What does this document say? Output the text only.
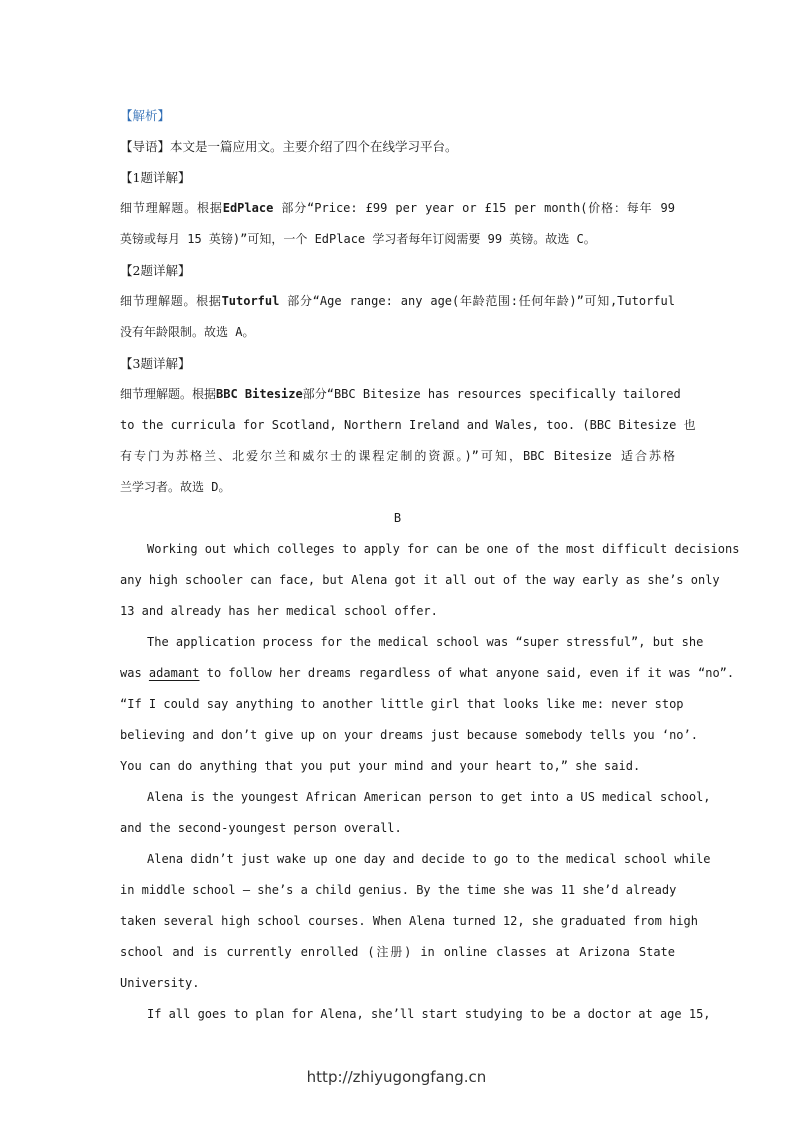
【解析】
【导语】本文是一篇应用文。主要介绍了四个在线学习平台。
【1题详解】
细节理解题。根据EdPlace 部分“Price: £99 per year or £15 per month(价格：每年 99
英镑或每月 15 英镑)”可知，一个 EdPlace 学习者每年订阅需要 99 英镑。故选 C。
【2题详解】
细节理解题。根据Tutorful 部分“Age range: any age(年龄范围:任何年龄)”可知,Tutorful
没有年龄限制。故选 A。
【3题详解】
细节理解题。根据BBC Bitesize部分“BBC Bitesize has resources specifically tailored
to the curricula for Scotland, Northern Ireland and Wales, too. (BBC Bitesize 也
有专门为苏格兰、北爱尔兰和威尔士的课程定制的资源。)”可知，BBC Bitesize 适合苏格
兰学习者。故选 D。
B
Working out which colleges to apply for can be one of the most difficult decisions
any high schooler can face, but Alena got it all out of the way early as she’s only
13 and already has her medical school offer.
The application process for the medical school was “super stressful”, but she
was adamant to follow her dreams regardless of what anyone said, even if it was “no”.
“If I could say anything to another little girl that looks like me: never stop
believing and don’t give up on your dreams just because somebody tells you ‘no’.
You can do anything that you put your mind and your heart to,” she said.
Alena is the youngest African American person to get into a US medical school,
and the second-youngest person overall.
Alena didn’t just wake up one day and decide to go to the medical school while
in middle school — she’s a child genius. By the time she was 11 she’d already
taken several high school courses. When Alena turned 12, she graduated from high
school and is currently enrolled (注册) in online classes at Arizona State
University.
If all goes to plan for Alena, she’ll start studying to be a doctor at age 15,
http://zhiyugongfang.cn
